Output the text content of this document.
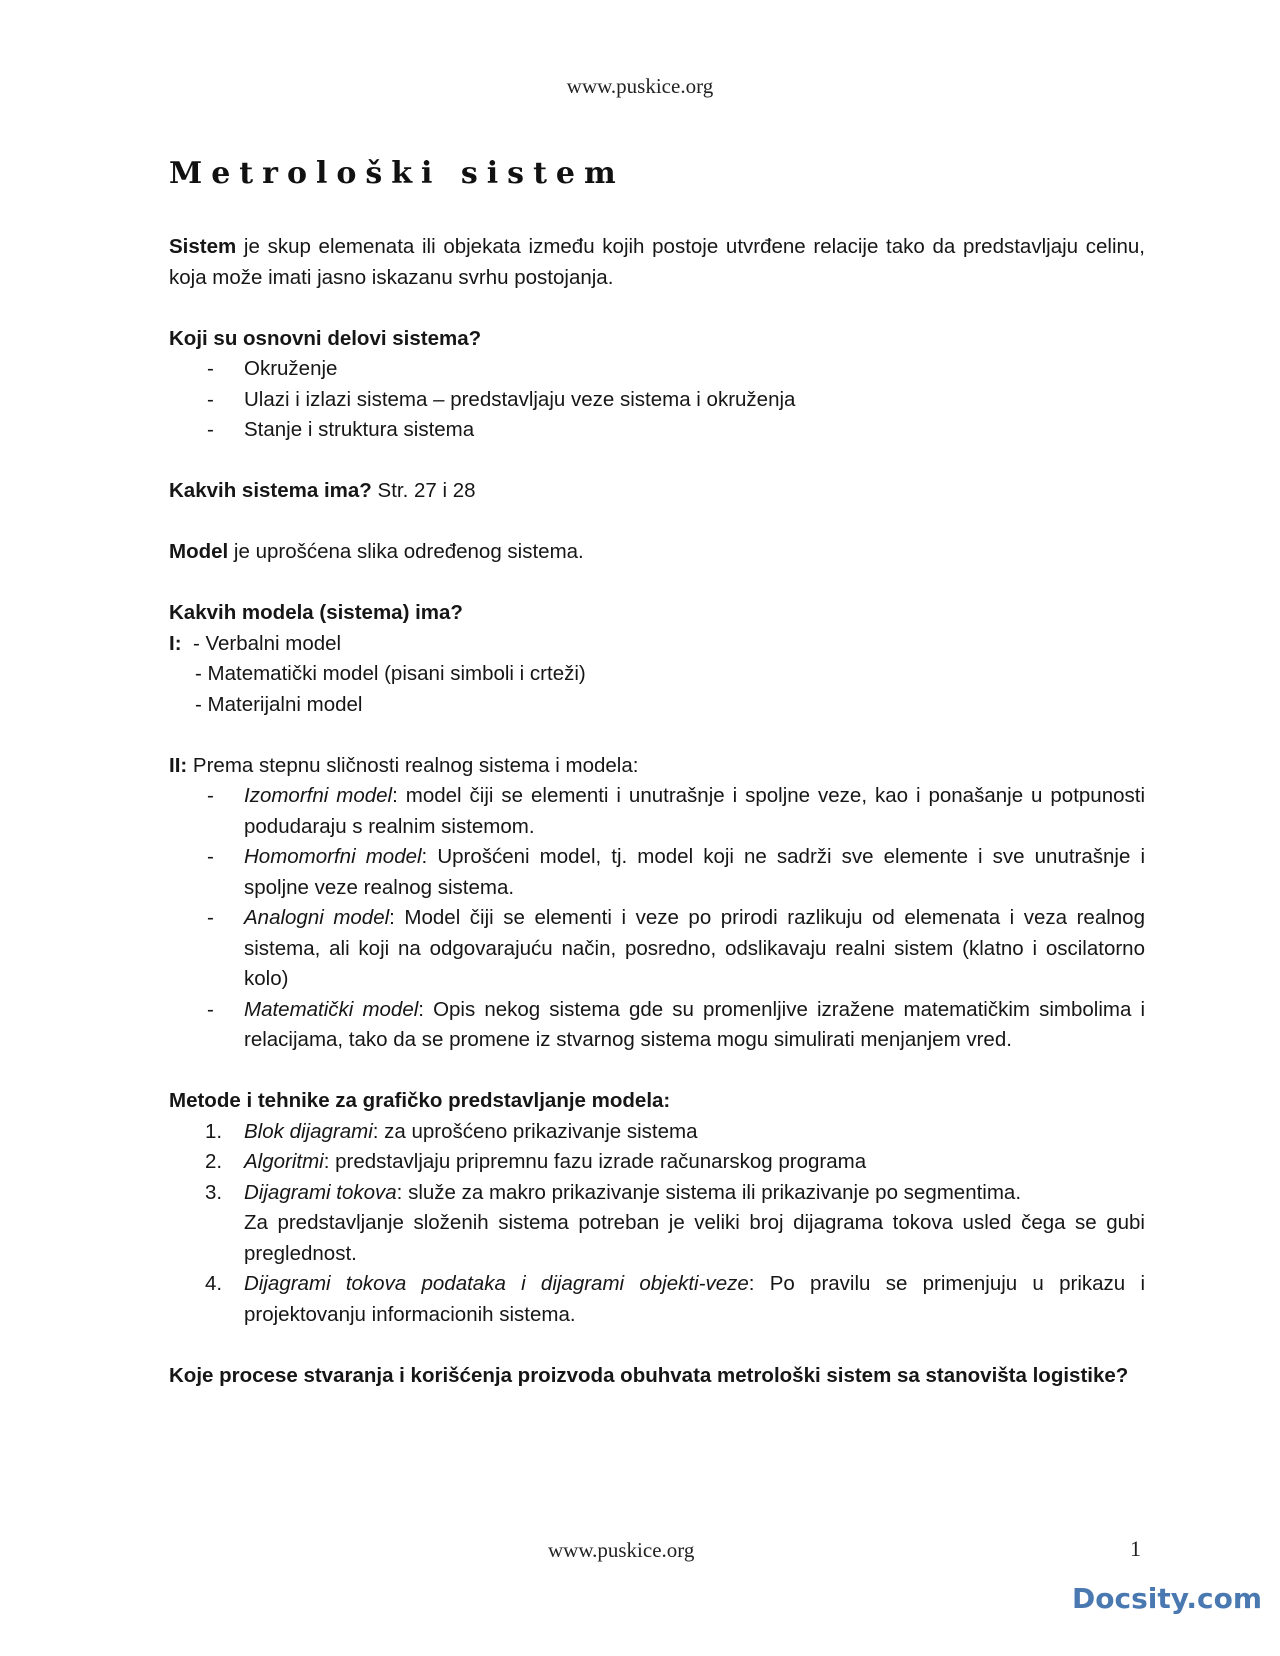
www.puskice.org
Metrološki sistem

Sistem je skup elemenata ili objekata između kojih postoje utvrđene relacije tako da predstavljaju celinu, koja može imati jasno iskazanu svrhu postojanja.

Koji su osnovni delovi sistema?

- Okruženje
- Ulazi i izlazi sistema – predstavljaju veze sistema i okruženja
- Stanje i struktura sistema

Kakvih sistema ima? Str. 27 i 28

Model je uprošćena slika određenog sistema.

Kakvih modela (sistema) ima?

I: - Verbalni model

- Matematički model (pisani simboli i crteži)

- Materijalni model

II: Prema stepnu sličnosti realnog sistema i modela:

- Izomorfni model: model čiji se elementi i unutrašnje i spoljne veze, kao i ponašanje u potpunosti podudaraju s realnim sistemom.
- Homomorfni model: Uprošćeni model, tj. model koji ne sadrži sve elemente i sve unutrašnje i spoljne veze realnog sistema.
- Analogni model: Model čiji se elementi i veze po prirodi razlikuju od elemenata i veza realnog sistema, ali koji na odgovarajuću način, posredno, odslikavaju realni sistem (klatno i oscilatorno kolo)
- Matematički model: Opis nekog sistema gde su promenljive izražene matematičkim simbolima i relacijama, tako da se promene iz stvarnog sistema mogu simulirati menjanjem vred.

Metode i tehnike za grafičko predstavljanje modela:

1. Blok dijagrami: za uprošćeno prikazivanje sistema
2. Algoritmi: predstavljaju pripremnu fazu izrade računarskog programa
3. Dijagrami tokova: služe za makro prikazivanje sistema ili prikazivanje po segmentima.
Za predstavljanje složenih sistema potreban je veliki broj dijagrama tokova usled čega se gubi preglednost.
4. Dijagrami tokova podataka i dijagrami objekti-veze: Po pravilu se primenjuju u prikazu i projektovanju informacionih sistema.

Koje procese stvaranja i korišćenja proizvoda obuhvata metrološki sistem sa stanovišta logistike?

www.puskice.org	1
Docsity.com
